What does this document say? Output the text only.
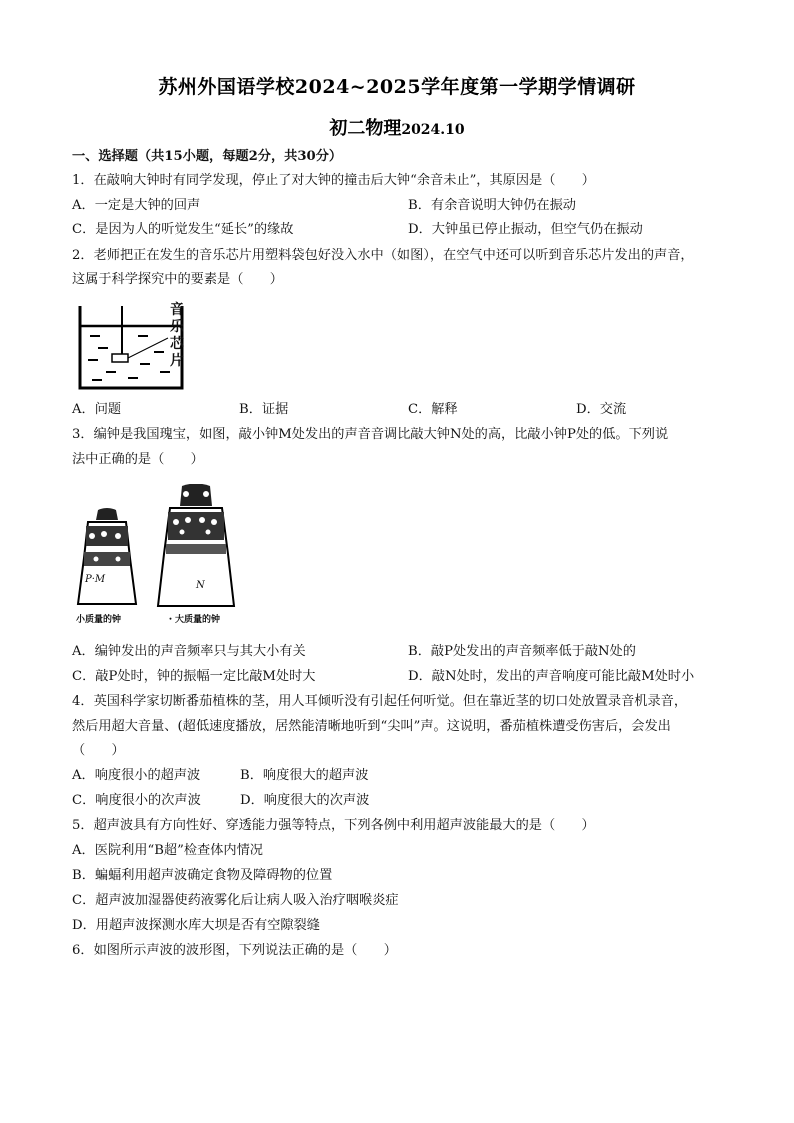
苏州外国语学校2024~2025学年度第一学期学情调研
初二物理2024.10
一、选择题（共15小题，每题2分，共30分）
1．在敲响大钟时有同学发现，停止了对大钟的撞击后大钟“余音未止”，其原因是（　　）
A．一定是大钟的回声	B．有余音说明大钟仍在振动
C．是因为人的听觉发生“延长”的缘故	D．大钟虽已停止振动，但空气仍在振动
2．老师把正在发生的音乐芯片用塑料袋包好没入水中（如图），在空气中还可以听到音乐芯片发出的声音，
这属于科学探究中的要素是（　　）
音乐芯片
A．问题	B．证据	C．解释	D．交流
3．编钟是我国瑰宝，如图，敲小钟M处发出的声音音调比敲大钟N处的高，比敲小钟P处的低。下列说
法中正确的是（　　）
P·M
N
小质量的钟	・大质量的钟
A．编钟发出的声音频率只与其大小有关	B．敲P处发出的声音频率低于敲N处的
C．敲P处时，钟的振幅一定比敲M处时大	D．敲N处时，发出的声音响度可能比敲M处时小
4．英国科学家切断番茄植株的茎，用人耳倾听没有引起任何听觉。但在靠近茎的切口处放置录音机录音，
然后用超大音量、(超低速度播放，居然能清晰地听到“尖叫”声。这说明，番茄植株遭受伤害后，会发出
（　　）
A．响度很小的超声波	B．响度很大的超声波
C．响度很小的次声波	D．响度很大的次声波
5．超声波具有方向性好、穿透能力强等特点，下列各例中利用超声波能最大的是（　　）
A．医院利用“B超”检查体内情况
B．蝙蝠利用超声波确定食物及障碍物的位置
C．超声波加湿器使药液雾化后让病人吸入治疗咽喉炎症
D．用超声波探测水库大坝是否有空隙裂缝
6．如图所示声波的波形图，下列说法正确的是（　　）
